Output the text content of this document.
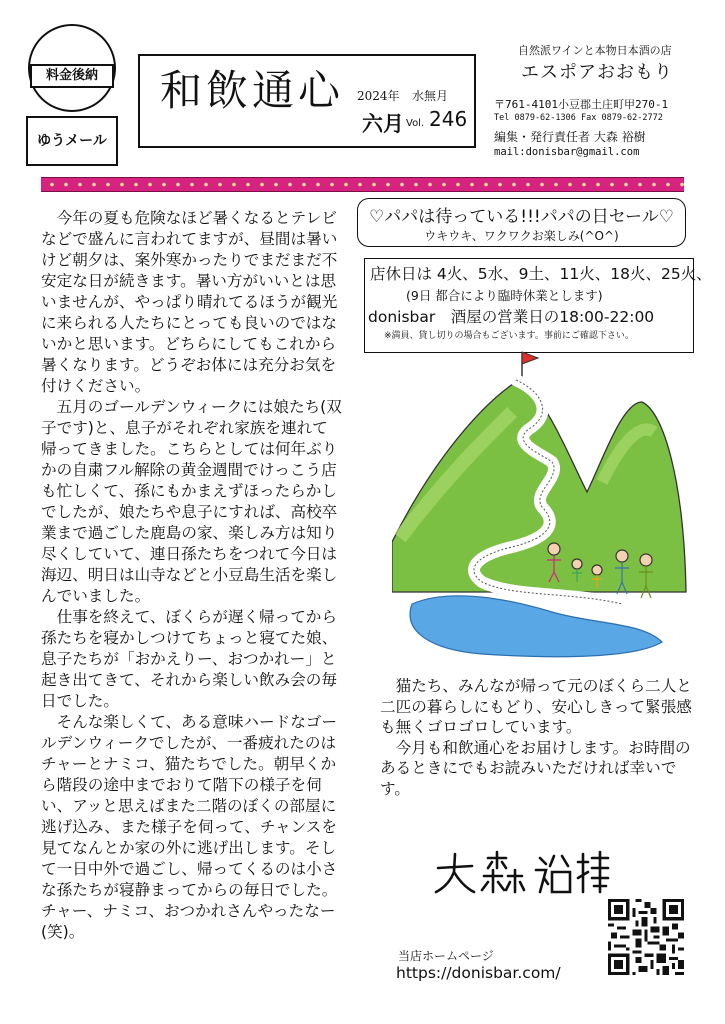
料金後納
ゆうメール
和飲通心 2024年 水無月
六月 Vol. 246
自然派ワインと本物日本酒の店
エスポアおおもり
〒761-4101小豆郡土庄町甲270-1
Tel 0879-62-1306 Fax 0879-62-2772
編集・発行責任者 大森 裕樹
mail:donisbar@gmail.com

今年の夏も危険なほど暑くなるとテレビなどで盛んに言われてますが、昼間は暑いけど朝夕は、案外寒かったりでまだまだ不安定な日が続きます。暑い方がいいとは思いませんが、やっぱり晴れてるほうが観光に来られる人たちにとっても良いのではないかと思います。どちらにしてもこれから暑くなります。どうぞお体には充分お気を付けください。

五月のゴールデンウィークには娘たち(双子です)と、息子がそれぞれ家族を連れて帰ってきました。こちらとしては何年ぶりかの自粛フル解除の黄金週間でけっこう店も忙しくて、孫にもかまえずほったらかしでしたが、娘たちや息子にすれば、高校卒業まで過ごした鹿島の家、楽しみ方は知り尽くしていて、連日孫たちをつれて今日は海辺、明日は山寺などと小豆島生活を楽しんでいました。

仕事を終えて、ぼくらが遅く帰ってから孫たちを寝かしつけてちょっと寝てた娘、息子たちが「おかえりー、おつかれー」と起き出てきて、それから楽しい飲み会の毎日でした。

そんな楽しくて、ある意味ハードなゴールデンウィークでしたが、一番疲れたのはチャーとナミコ、猫たちでした。朝早くから階段の途中までおりて階下の様子を伺い、アッと思えばまた二階のぼくの部屋に逃げ込み、また様子を伺って、チャンスを見てなんとか家の外に逃げ出します。そして一日中外で過ごし、帰ってくるのは小さな孫たちが寝静まってからの毎日でした。チャー、ナミコ、おつかれさんやったなー(笑)。

♡パパは待っている!!!パパの日セール♡
ウキウキ、ワクワクお楽しみ(^O^)
店休日は 4火、5水、9土、11火、18火、25火、
(9日 都合により臨時休業とします)
donisbar　酒屋の営業日の18:00-22:00
※満員、貸し切りの場合もございます。事前にご確認下さい。

猫たち、みんなが帰って元のぼくら二人と二匹の暮らしにもどり、安心しきって緊張感も無くゴロゴロしています。

今月も和飲通心をお届けします。お時間のあるときにでもお読みいただければ幸いです。

当店ホームページ
https://donisbar.com/
